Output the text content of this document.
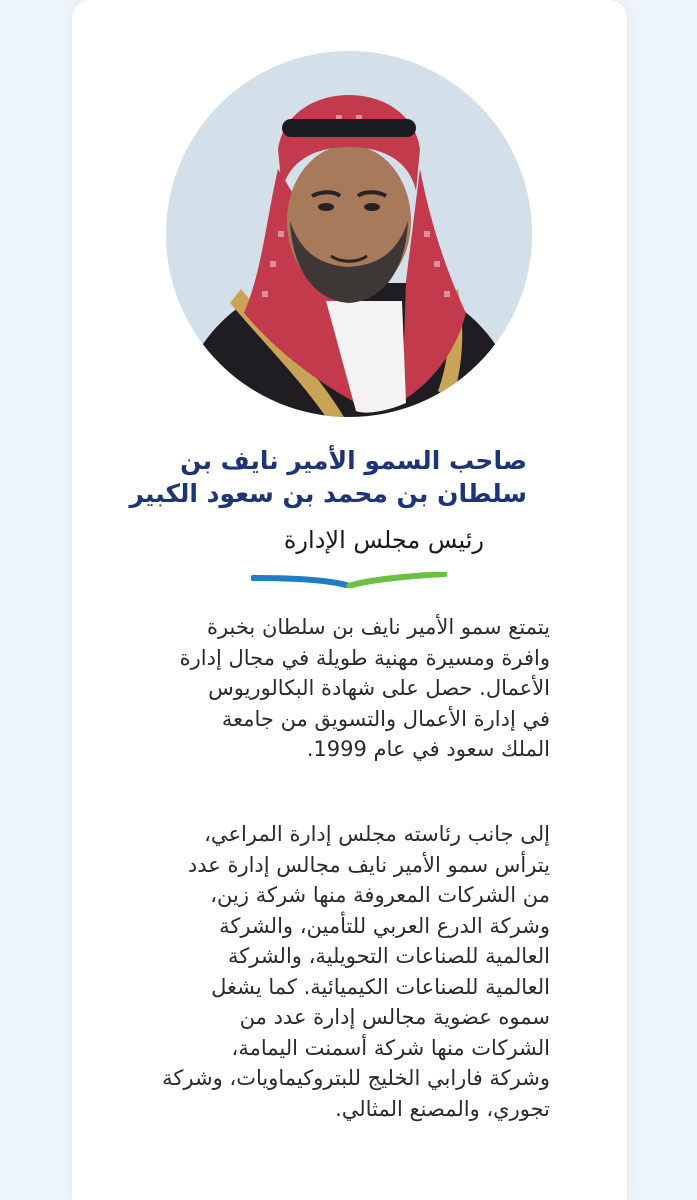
صاحب السمو الأمير نايف بن
سلطان بن محمد بن سعود الكبير
رئيس مجلس الإدارة
يتمتع سمو الأمير نايف بن سلطان بخبرة
وافرة ومسيرة مهنية طويلة في مجال إدارة
الأعمال. حصل على شهادة البكالوريوس
في إدارة الأعمال والتسويق من جامعة
الملك سعود في عام 1999.
إلى جانب رئاسته مجلس إدارة المراعي،
يترأس سمو الأمير نايف مجالس إدارة عدد
من الشركات المعروفة منها شركة زين،
وشركة الدرع العربي للتأمين، والشركة
العالمية للصناعات التحويلية، والشركة
العالمية للصناعات الكيميائية. كما يشغل
سموه عضوية مجالس إدارة عدد من
الشركات منها شركة أسمنت اليمامة،
وشركة فارابي الخليج للبتروكيماويات، وشركة
تجوري، والمصنع المثالي.
